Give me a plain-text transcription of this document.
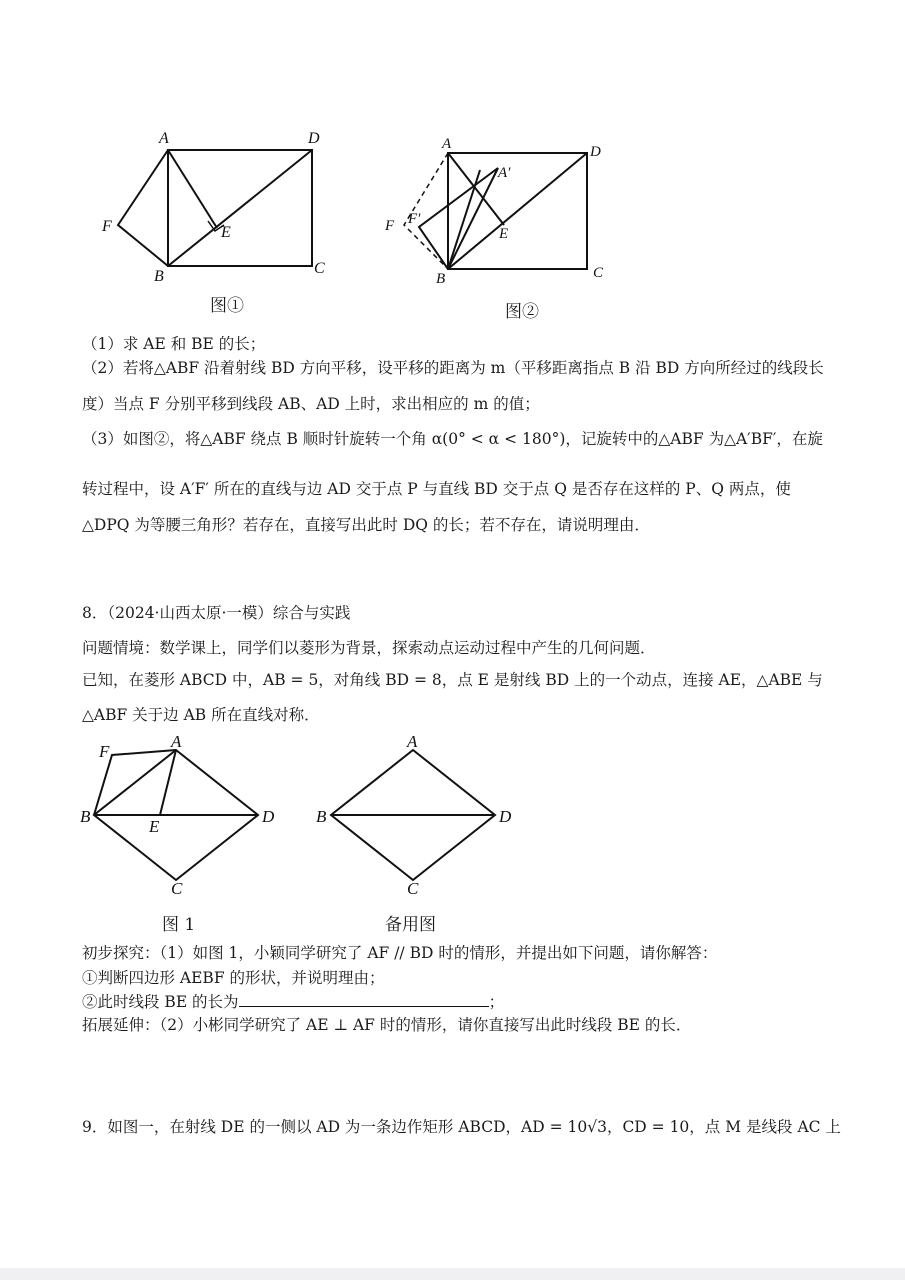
A	D
F	E
B	C
图①
A
A′
D
F F′
E
B	C
图②
（1）求 AE 和 BE 的长；
（2）若将△ABF 沿着射线 BD 方向平移，设平移的距离为 m（平移距离指点 B 沿 BD 方向所经过的线段长
度）当点 F 分别平移到线段 AB、AD 上时，求出相应的 m 的值；
（3）如图②，将△ABF 绕点 B 顺时针旋转一个角 α(0° < α < 180°)，记旋转中的△ABF 为△A′BF′，在旋
转过程中，设 A′F′ 所在的直线与边 AD 交于点 P 与直线 BD 交于点 Q 是否存在这样的 P、Q 两点，使
△DPQ 为等腰三角形？若存在，直接写出此时 DQ 的长；若不存在，请说明理由．
8．（2024·山西太原·一模）综合与实践
问题情境：数学课上，同学们以菱形为背景，探索动点运动过程中产生的几何问题．
已知，在菱形 ABCD 中，AB = 5，对角线 BD = 8，点 E 是射线 BD 上的一个动点，连接 AE，△ABE 与
△ABF 关于边 AB 所在直线对称．
F
A
B
E
D
C
图 1
A
B	D
C
备用图
初步探究：（1）如图 1，小颖同学研究了 AF // BD 时的情形，并提出如下问题，请你解答：
①判断四边形 AEBF 的形状，并说明理由；
②此时线段 BE 的长为	；
拓展延伸：（2）小彬同学研究了 AE ⊥ AF 时的情形，请你直接写出此时线段 BE 的长．
9．如图一，在射线 DE 的一侧以 AD 为一条边作矩形 ABCD，AD = 10√3，CD = 10，点 M 是线段 AC 上
